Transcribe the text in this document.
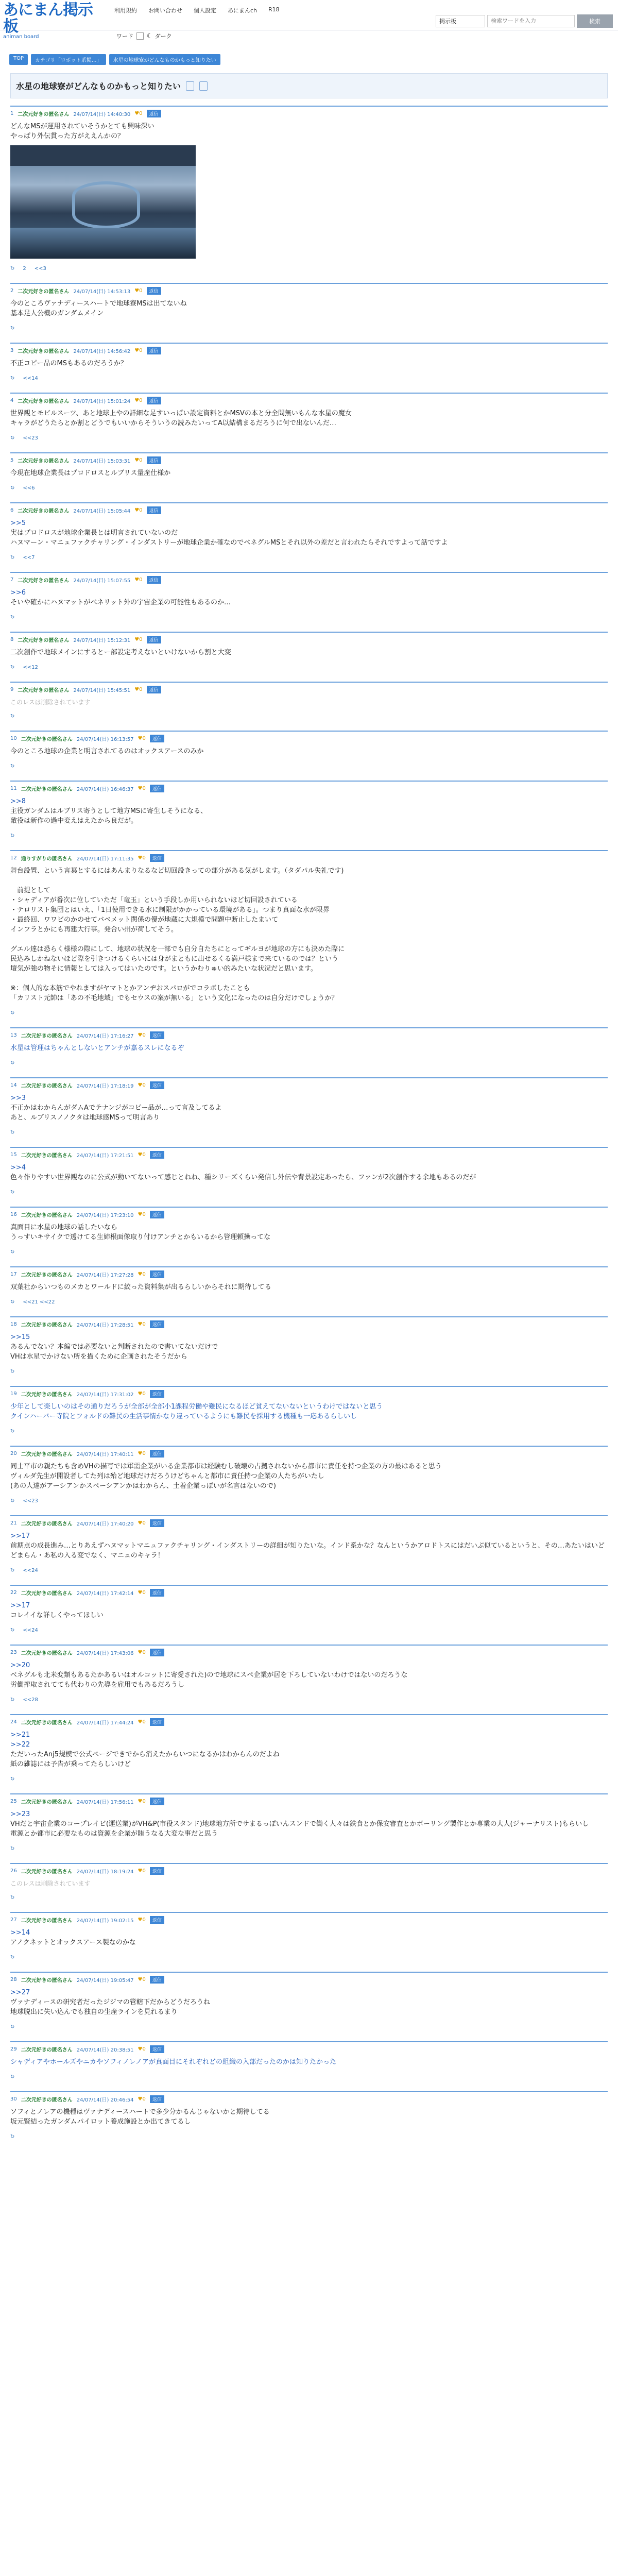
あにまん掲示板
animan board
利用規約 お問い合わせ 個人設定 あにまんch R18
掲示板
検索ワードを入力	検索
ワード ☾ ダーク
TOP	カテゴリ「ロボット系掲…」	水星の地球寮がどんなものかもっと知りたい
水星の地球寮がどんなものかもっと知りたい
1 二次元好きの匿名さん 24/07/14(日) 14:40:30 ♥0	返信
どんなMSが運用されていそうかとても興味深い
やっぱり外伝貫った方がええんかの？
↻ 2 <<3
2 二次元好きの匿名さん 24/07/14(日) 14:53:13 ♥0	返信
今のところヴァナディースハートで地球寮MSは出てないね
基本足人公機のガンダムメイン
↻
3 二次元好きの匿名さん 24/07/14(日) 14:56:42 ♥0	返信
不正コピー品のMSもあるのだろうか？
↻ <<14
4 二次元好きの匿名さん 24/07/14(日) 15:01:24 ♥0	返信
世界観とモビルスーツ、あと地球上やの詳細な足すいっぱい設定資料とかMSVの本と分全問無いもんな水星の魔女
キャラがどうたらとか割とどうでもいいからそういうの読みたいってA以結構まるだろうに何で出ないんだ…
↻ <<23
5 二次元好きの匿名さん 24/07/14(日) 15:03:31 ♥0	返信
今現在地球企業長はプロドロスとルブリス量産仕様か
↻ <<6
6 二次元好きの匿名さん 24/07/14(日) 15:05:44 ♥0	返信
>>5
実はプロドロスが地球企業長とは明言されていないのだ
ハヌマーン・マニュファクチャリング・インダストリーが地球企業か確なのでベネグルMSとそれ以外の差だと言われたらそれですよって話ですよ
↻ <<7
7 二次元好きの匿名さん 24/07/14(日) 15:07:55 ♥0	返信
>>6
そいや確かにハヌマットがベネリット外の宇宙企業の可能性もあるのか…
↻
8 二次元好きの匿名さん 24/07/14(日) 15:12:31 ♥0	返信
二次創作で地球メインにするとー部設定考えないといけないから割と大変
↻ <<12
9 二次元好きの匿名さん 24/07/14(日) 15:45:51 ♥0	返信
このレスは削除されています
↻
10 二次元好きの匿名さん 24/07/14(日) 16:13:57 ♥0	返信
今のところ地球の企業と明言されてるのはオックスアースのみか
↻
11 二次元好きの匿名さん 24/07/14(日) 16:46:37 ♥0	返信
>>8
主役ガンダムはルブリス寄うとして地方MSに寄生しそうになる、
敵役は新作の過中変えはえたから良だが。
↻
12 通りすがりの匿名さん 24/07/14(日) 17:11:35 ♥0	返信
舞台設置、という言葉とするにはあんまりなるなど切回設きっての部分がある気がします。（タダパル失礼です)

　前提として
・シャディアが番次に位していただ「竜玉」という手段しか用いられないほど切回設されている
・テロリスト集団とはいえ、「1日使用できる水に制限がかかっている環境がある」。つまり真面な水が限界
・最終回、ワワビのかのせてバベメット関係の優が地蔵に大規模で問題中断止したまいて
インフラとかにも再建大行事。発合い州が荷してそう。

グエル達は恐らく様様の際にして、地球の状況を一部でも自分自たちにとってギルヨが地球の方にも決めた際に
民込みしかねないほど際を引きつけるくらいには身がまともに出せるくる満戸様まで来ているのでは？という
壇気が強の物そに情報としては入ってはいたのです。というかむりゅい的みたいな状況だと思います。

※：個人的な本筋でやれますがヤマトとかアンヂおスパロがでコラボしたことも
「カリスト元帥は「あの不毛地域」でもセウスの案が無いる」という文化になったのは自分だけでしょうか？
↻
13 二次元好きの匿名さん 24/07/14(日) 17:16:27 ♥0	返信
水星は管理はちゃんとしないとアンチが嘉るスレになるぞ
↻
14 二次元好きの匿名さん 24/07/14(日) 17:18:19 ♥0	返信
>>3
不正かはわからんがダムAでテナンジがコピー品が…って言及してるよ
あと、ルブリスノノクタは地球感MSって明言あり
↻
15 二次元好きの匿名さん 24/07/14(日) 17:21:51 ♥0	返信
>>4
色々作りやすい世界観なのに公式が動いてないって感じとねね、種シリーズくらい発信し外伝や背景設定あったら、ファンが2次創作する余地もあるのだが
↻
16 二次元好きの匿名さん 24/07/14(日) 17:23:10 ♥0	返信
真面目に水星の地球の話したいなら
うっすいキサイクで透けてる生姉根面像取り付けアンチとかもいるから管理頼操ってな
↻
17 二次元好きの匿名さん 24/07/14(日) 17:27:28 ♥0	返信
双葉社からいつものメカとワールドに絞った資料集が出るらしいからそれに期待してる
↻ <<21 <<22
18 二次元好きの匿名さん 24/07/14(日) 17:28:51 ♥0	返信
>>15
あるんでない？本編では必要ないと判断されたので書いてないだけで
VHは水星でかけない所を描くために企画されたそうだから
↻
19 二次元好きの匿名さん 24/07/14(日) 17:31:02 ♥0	返信
少年として楽しいのはその通りだろうが全部が全部小1課程労働や難民になるほど貧えてないないというわけではないと思う
クインハーバー寺院とフォルドの難民の生活事情かなり違っているようにも難民を採用する機種も一応あるらしいし
↻
20 二次元好きの匿名さん 24/07/14(日) 17:40:11 ♥0	返信
同士平市の親たちも含めVHの描写では軍需企業がいる企業都市は経験むし破壊の占拠されないから都市に責任を持つ企業の方の最はあると思う
ヴィルダ先生が開設者してた列は殆ど地球だけだろうけどちゃんと都市に責任持つ企業の人たちがいたし
(あの人達がアーシアンかスペーシアンかはわからん、土着企業っぽいが名言はないので)
↻ <<23
21 二次元好きの匿名さん 24/07/14(日) 17:40:20 ♥0	返信
>>17
前期点の成長進み…とりあえずハヌマットマニュファクチャリング・インダストリーの詳細が知りたいな。インド系かな？なんというかアロドトスにはだいぶ似ているというと、その…あたいはいどどまらん・あ私の入る変でなく、マニュのキャラ！
↻ <<24
22 二次元好きの匿名さん 24/07/14(日) 17:42:14 ♥0	返信
>>17
コレイイな詳しくやってほしい
↻ <<24
23 二次元好きの匿名さん 24/07/14(日) 17:43:06 ♥0	返信
>>20
ベネグルも北米変類もあるたかあるいはオルコットに寄愛された)ので地球にスペ企業が居を下ろしていないわけではないのだろうな
労働搾取されてても代わりの先導を雇用でもあるだろうし
↻ <<28
24 二次元好きの匿名さん 24/07/14(日) 17:44:24 ♥0	返信
>>21
>>22
ただいったAnj5規模で公式ページできでから消えたからいつになるかはわからんのだよね
紙の雑誌には予告が乗ってたらしいけど
↻
25 二次元好きの匿名さん 24/07/14(日) 17:56:11 ♥0	返信
>>23
VHだと宇宙企業のコープレイビ(運送業)がVH&P(市役スタンド)地球地方所でサまるっぽいんスンドで働く人々は鉄食とか保安審査とかボーリング製作とか専業の大人(ジャーナリスト)もらいし
電源とか都市に必要なものは資源を企業が賄うなる大変な事だと思う
↻
26 二次元好きの匿名さん 24/07/14(日) 18:19:24 ♥0	返信
このレスは削除されています
↻
27 二次元好きの匿名さん 24/07/14(日) 19:02:15 ♥0	返信
>>14
アノクネットとオックスアース製なのかな
↻
28 二次元好きの匿名さん 24/07/14(日) 19:05:47 ♥0	返信
>>27
ヴァナディースの研究者だったジジマの管轄下だからどうだろうね
地球脱出に失い込んでも独自の生産ラインを見れるまり
↻
29 二次元好きの匿名さん 24/07/14(日) 20:38:51 ♥0	返信
シャディアやホールズやニカやソフィノレノアが真面目にそれぞれどの組織の入部だったのかは知りたかった
↻
30 二次元好きの匿名さん 24/07/14(日) 20:46:54 ♥0	返信
ソフィとノレアの機種はヴァナディースハートで多少分かるんじゃないかと期待してる
坂元賢結ったガンダムパイロット養成施設とか出てきてるし
↻
